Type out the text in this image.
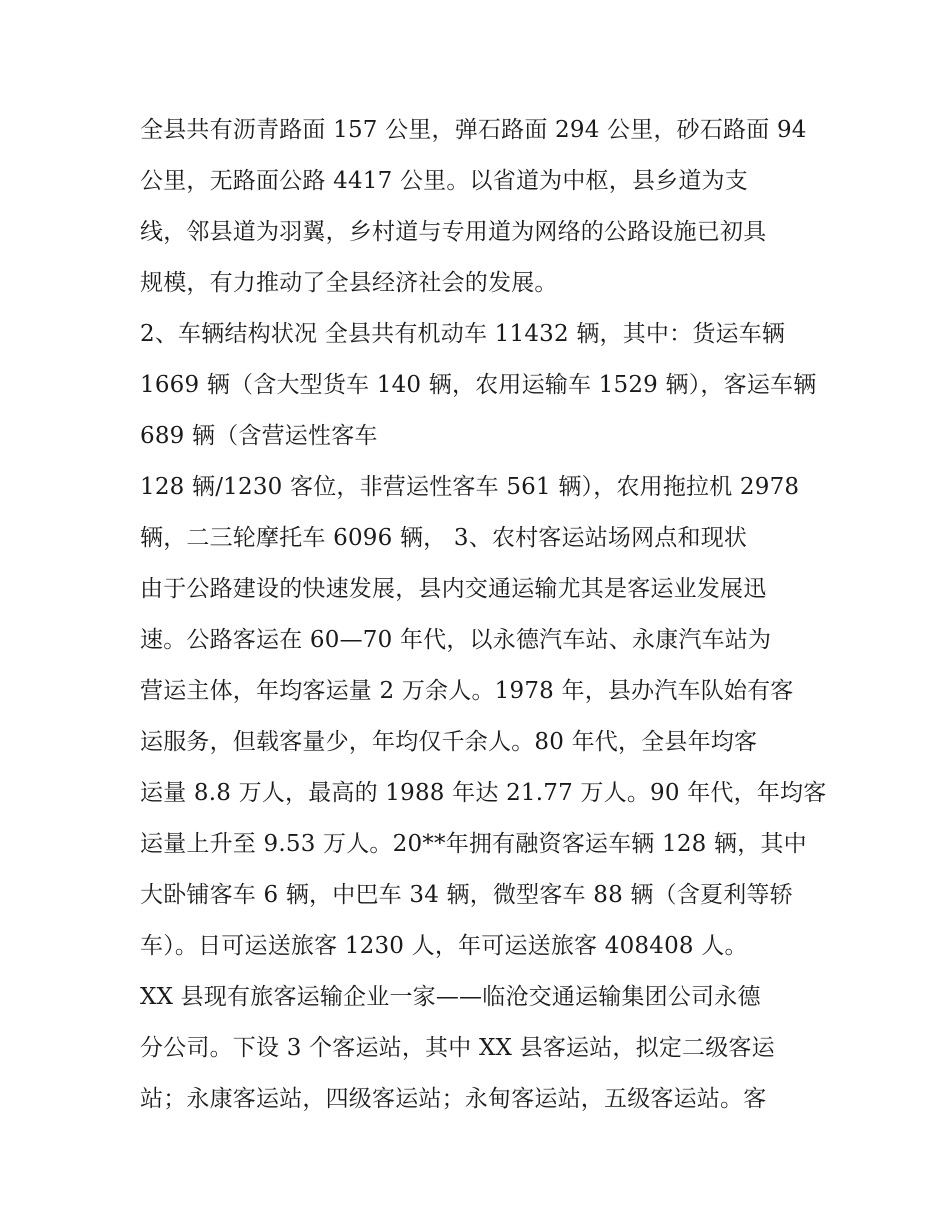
全县共有沥青路面 157 公里，弹石路面 294 公里，砂石路面 94
公里，无路面公路 4417 公里。以省道为中枢，县乡道为支
线，邻县道为羽翼，乡村道与专用道为网络的公路设施已初具
规模，有力推动了全县经济社会的发展。
2、车辆结构状况 全县共有机动车 11432 辆，其中：货运车辆
1669 辆（含大型货车 140 辆，农用运输车 1529 辆），客运车辆
689 辆（含营运性客车
128 辆/1230 客位，非营运性客车 561 辆），农用拖拉机 2978
辆，二三轮摩托车 6096 辆， 3、农村客运站场网点和现状
由于公路建设的快速发展，县内交通运输尤其是客运业发展迅
速。公路客运在 60—70 年代，以永德汽车站、永康汽车站为
营运主体，年均客运量 2 万余人。1978 年，县办汽车队始有客
运服务，但载客量少，年均仅千余人。80 年代，全县年均客
运量 8.8 万人，最高的 1988 年达 21.77 万人。90 年代，年均客
运量上升至 9.53 万人。20**年拥有融资客运车辆 128 辆，其中
大卧铺客车 6 辆，中巴车 34 辆，微型客车 88 辆（含夏利等轿
车）。日可运送旅客 1230 人，年可运送旅客 408408 人。
XX 县现有旅客运输企业一家——临沧交通运输集团公司永德
分公司。下设 3 个客运站，其中 XX 县客运站，拟定二级客运
站；永康客运站，四级客运站；永甸客运站，五级客运站。客
